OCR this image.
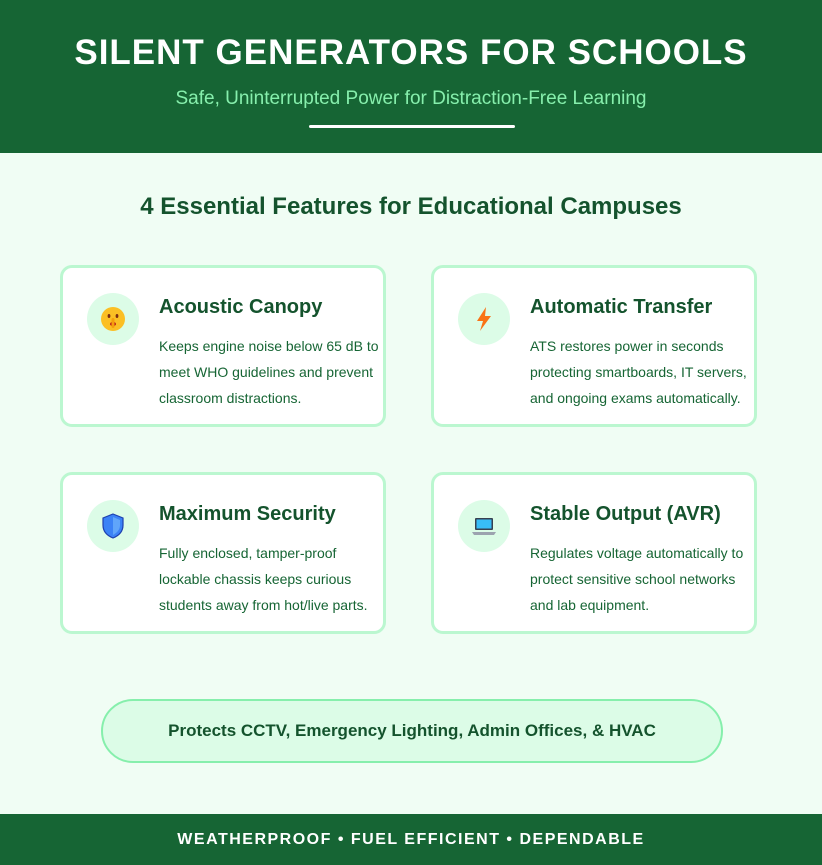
SILENT GENERATORS FOR SCHOOLS

Safe, Uninterrupted Power for Distraction-Free Learning

4 Essential Features for Educational Campuses
Acoustic Canopy

Keeps engine noise below 65 dB to meet WHO guidelines and prevent classroom distractions.

Automatic Transfer

ATS restores power in seconds protecting smartboards, IT servers, and ongoing exams automatically.

Maximum Security

Fully enclosed, tamper-proof lockable chassis keeps curious students away from hot/live parts.

Stable Output (AVR)

Regulates voltage automatically to protect sensitive school networks and lab equipment.

Protects CCTV, Emergency Lighting, Admin Offices, & HVAC
WEATHERPROOF • FUEL EFFICIENT • DEPENDABLE
